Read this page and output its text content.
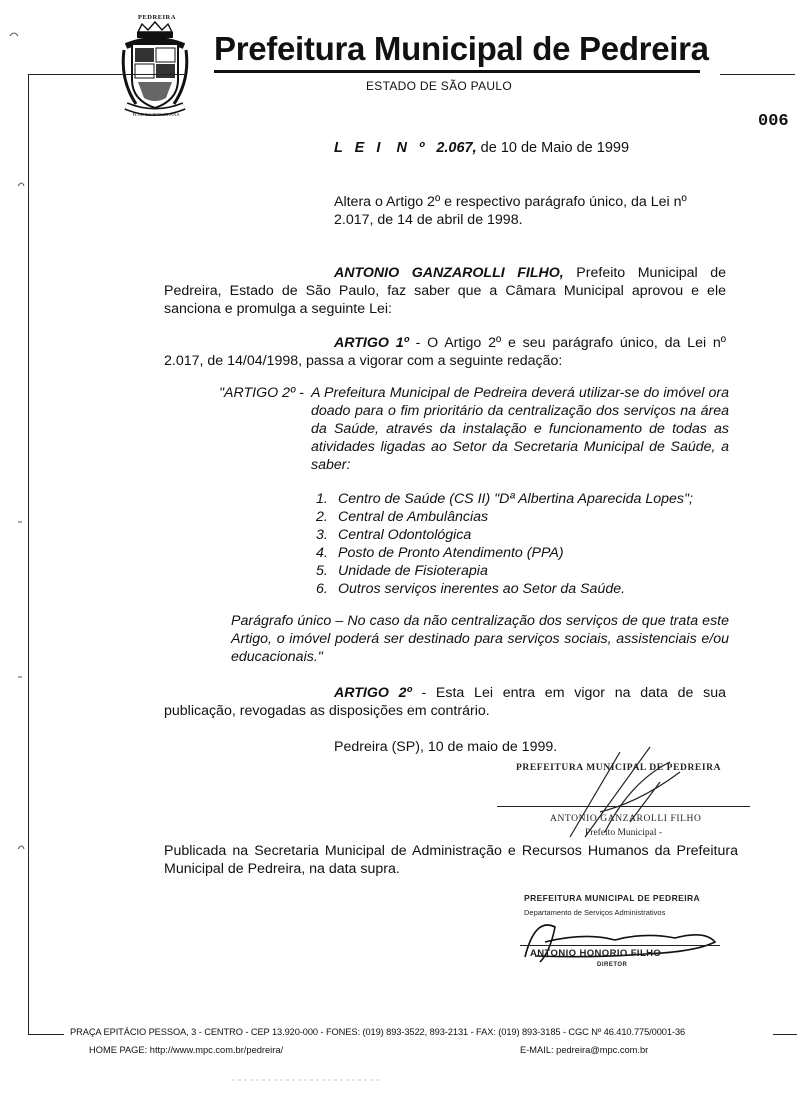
PEDREIRA
FLOR DA PORCELANA
Prefeitura Municipal de Pedreira
ESTADO DE SÃO PAULO
006
L E I N º 2.067, de 10 de Maio de 1999
Altera o Artigo 2º e respectivo parágrafo único, da Lei nº 2.017, de 14 de abril de 1998.
ANTONIO GANZAROLLI FILHO, Prefeito Municipal de Pedreira, Estado de São Paulo, faz saber que a Câmara Municipal aprovou e ele sanciona e promulga a seguinte Lei:
ARTIGO 1º - O Artigo 2º e seu parágrafo único, da Lei nº 2.017, de 14/04/1998, passa a vigorar com a seguinte redação:
"ARTIGO 2º - A Prefeitura Municipal de Pedreira deverá utilizar-se do imóvel ora doado para o fim prioritário da centralização dos serviços na área da Saúde, através da instalação e funcionamento de todas as atividades ligadas ao Setor da Secretaria Municipal de Saúde, a saber:
1. Centro de Saúde (CS II) "Dª Albertina Aparecida Lopes";
2. Central de Ambulâncias
3. Central Odontológica
4. Posto de Pronto Atendimento (PPA)
5. Unidade de Fisioterapia
6. Outros serviços inerentes ao Setor da Saúde.
Parágrafo único – No caso da não centralização dos serviços de que trata este Artigo, o imóvel poderá ser destinado para serviços sociais, assistenciais e/ou educacionais."
ARTIGO 2º - Esta Lei entra em vigor na data de sua publicação, revogadas as disposições em contrário.
Pedreira (SP), 10 de maio de 1999.
PREFEITURA MUNICIPAL DE PEDREIRA
ANTONIO GANZAROLLI FILHO
Prefeito Municipal -
Publicada na Secretaria Municipal de Administração e Recursos Humanos da Prefeitura Municipal de Pedreira, na data supra.
PREFEITURA MUNICIPAL DE PEDREIRA
Departamento de Serviços Administrativos
ANTONIO HONORIO FILHO
DIRETOR
PRAÇA EPITÁCIO PESSOA, 3 - CENTRO - CEP 13.920-000 - FONES: (019) 893-3522, 893-2131 - FAX: (019) 893-3185 - CGC Nº 46.410.775/0001-36
HOME PAGE: http://www.mpc.com.br/pedreira/	E-MAIL: pedreira@mpc.com.br
